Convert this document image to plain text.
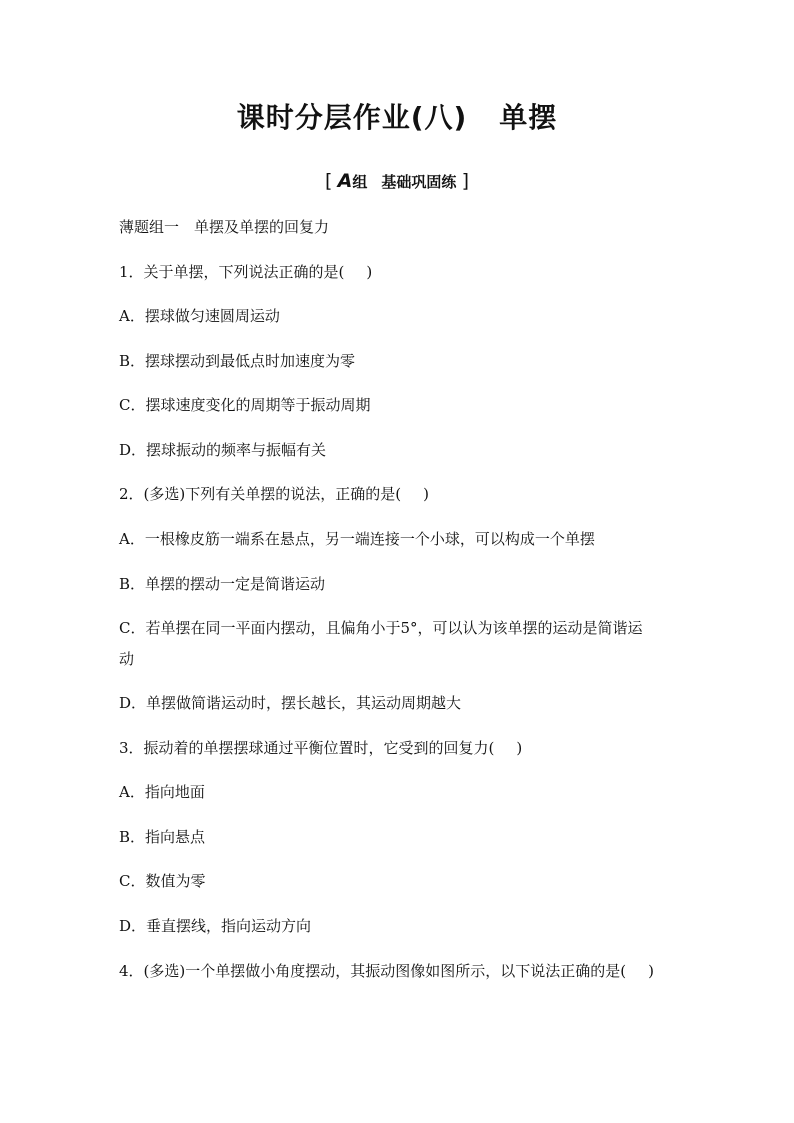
课时分层作业(八) 单摆
[ A组 基础巩固练 ]
薄题组一　单摆及单摆的回复力
1．关于单摆，下列说法正确的是( )
A．摆球做匀速圆周运动
B．摆球摆动到最低点时加速度为零
C．摆球速度变化的周期等于振动周期
D．摆球振动的频率与振幅有关
2．(多选)下列有关单摆的说法，正确的是( )
A．一根橡皮筋一端系在悬点，另一端连接一个小球，可以构成一个单摆
B．单摆的摆动一定是简谐运动
C．若单摆在同一平面内摆动，且偏角小于5°，可以认为该单摆的运动是简谐运
动
D．单摆做简谐运动时，摆长越长，其运动周期越大
3．振动着的单摆摆球通过平衡位置时，它受到的回复力( )
A．指向地面
B．指向悬点
C．数值为零
D．垂直摆线，指向运动方向
4．(多选)一个单摆做小角度摆动，其振动图像如图所示，以下说法正确的是( )
